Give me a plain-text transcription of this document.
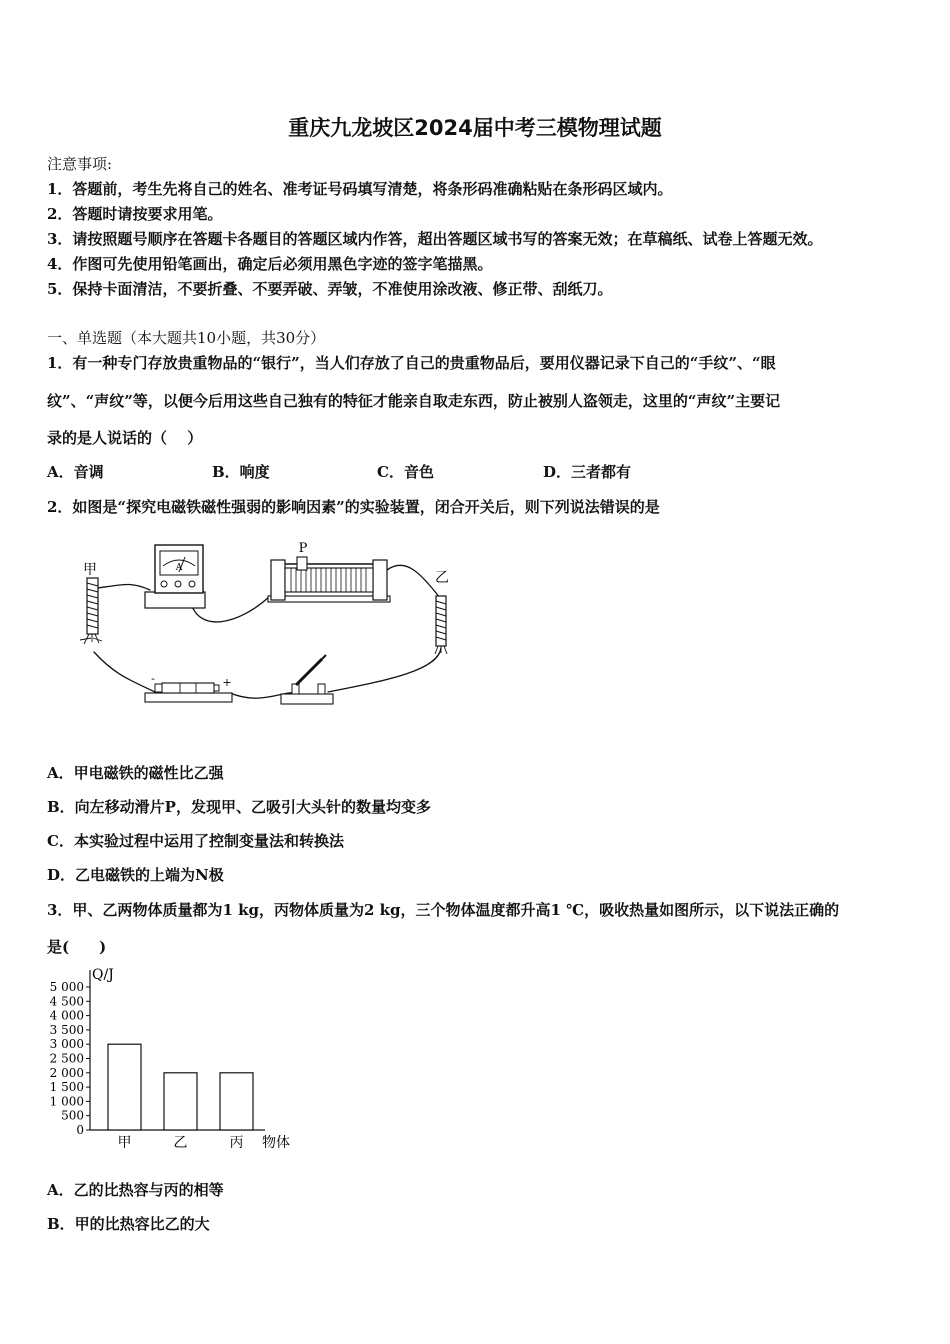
重庆九龙坡区2024届中考三模物理试题
注意事项:
1．答题前，考生先将自己的姓名、准考证号码填写清楚，将条形码准确粘贴在条形码区域内。
2．答题时请按要求用笔。
3．请按照题号顺序在答题卡各题目的答题区域内作答，超出答题区域书写的答案无效；在草稿纸、试卷上答题无效。
4．作图可先使用铅笔画出，确定后必须用黑色字迹的签字笔描黑。
5．保持卡面清洁，不要折叠、不要弄破、弄皱，不准使用涂改液、修正带、刮纸刀。
一、单选题（本大题共10小题，共30分）
1．有一种专门存放贵重物品的“银行”，当人们存放了自己的贵重物品后，要用仪器记录下自己的“手纹”、“眼
纹”、“声纹”等，以便今后用这些自己独有的特征才能亲自取走东西，防止被别人盗领走，这里的“声纹”主要记
录的是人说话的（　 ）
A．音调	B．响度	C．音色	D．三者都有
2．如图是“探究电磁铁磁性强弱的影响因素”的实验装置，闭合开关后，则下列说法错误的是
甲	A
P
乙
-	+
A．甲电磁铁的磁性比乙强
B．向左移动滑片P，发现甲、乙吸引大头针的数量均变多
C．本实验过程中运用了控制变量法和转换法
D．乙电磁铁的上端为N极
3．甲、乙两物体质量都为1 kg，丙物体质量为2 kg，三个物体温度都升高1 ℃，吸收热量如图所示，以下说法正确的
是(　　)
Q/J
物体
0
500
1 000
1 500
2 000
2 500
3 000
3 500
4 000
4 500
5 000
甲	乙	丙
A．乙的比热容与丙的相等
B．甲的比热容比乙的大
